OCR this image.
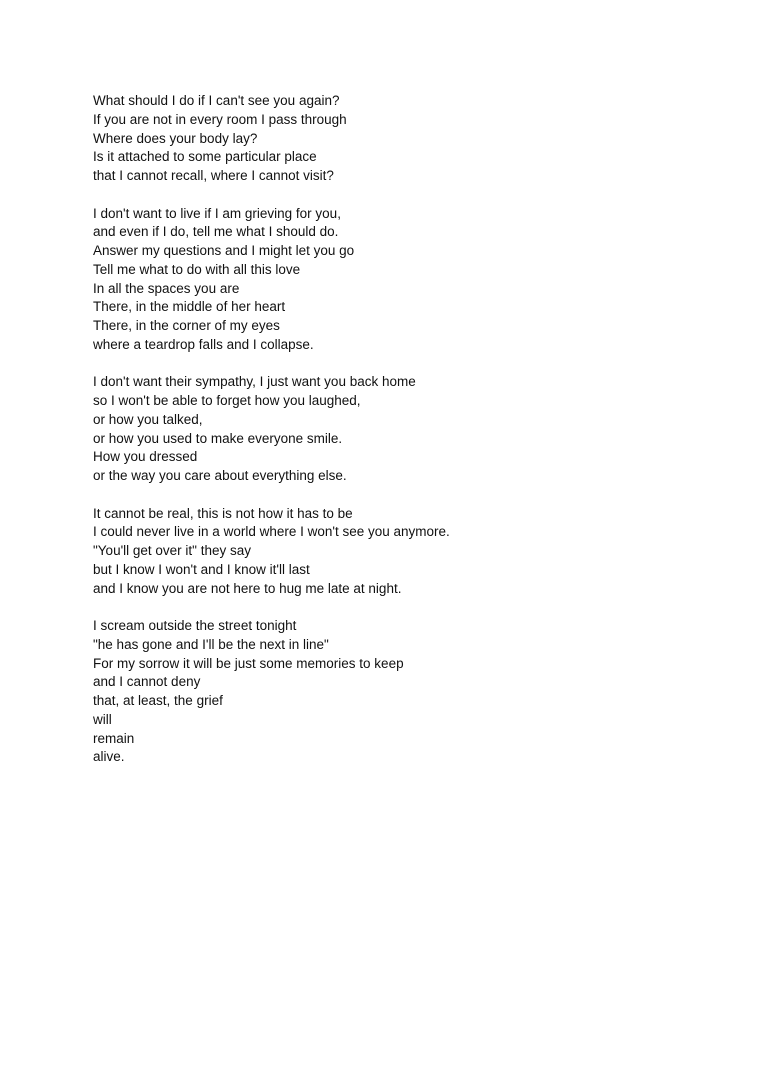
What should I do if I can't see you again?
If you are not in every room I pass through
Where does your body lay?
Is it attached to some particular place
that I cannot recall, where I cannot visit?
I don't want to live if I am grieving for you,
and even if I do, tell me what I should do.
Answer my questions and I might let you go
Tell me what to do with all this love
In all the spaces you are
There, in the middle of her heart
There, in the corner of my eyes
where a teardrop falls and I collapse.
I don't want their sympathy, I just want you back home
so I won't be able to forget how you laughed,
or how you talked,
or how you used to make everyone smile.
How you dressed
or the way you care about everything else.
It cannot be real, this is not how it has to be
I could never live in a world where I won't see you anymore.
"You'll get over it" they say
but I know I won't and I know it'll last
and I know you are not here to hug me late at night.
I scream outside the street tonight
"he has gone and I'll be the next in line"
For my sorrow it will be just some memories to keep
and I cannot deny
that, at least, the grief
will
remain
alive.
